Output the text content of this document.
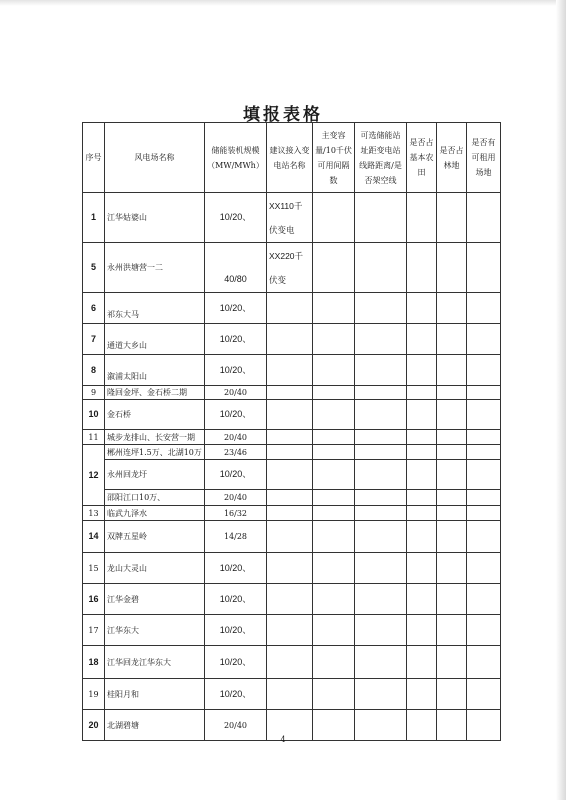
填报表格
序号	风电场名称	储能装机规模（MW/MWh）	建议接入变电站名称	主变容量/10千伏可用间隔数	可选储能站址距变电站线路距离/是否架空线	是否占基本农田	是否占林地	是否有可租用场地
1	江华姑婆山	10/20、	XX110千伏变电					
5	永州洪塘营一二	40/80	XX220千伏变					
6	祁东大马	10/20、						
7	通道大乡山	10/20、						
8	溆浦太阳山	10/20、						
9	隆回金坪、金石桥二期	20/40						
10	金石桥	10/20、						
11	城步龙排山、长安营一期	20/40						
12	郴州连坪1.5万、北湖10万	23/46						
	永州回龙圩	10/20、						
	邵阳江口10万、	20/40						
13	临武九泽水	16/32						
14	双牌五星岭	14/28						
15	龙山大灵山	10/20、						
16	江华金碧	10/20、						
17	江华东大	10/20、						
18	江华回龙江华东大	10/20、						
19	桂阳月和	10/20、						
20	北湖碧塘	20/40						
4
